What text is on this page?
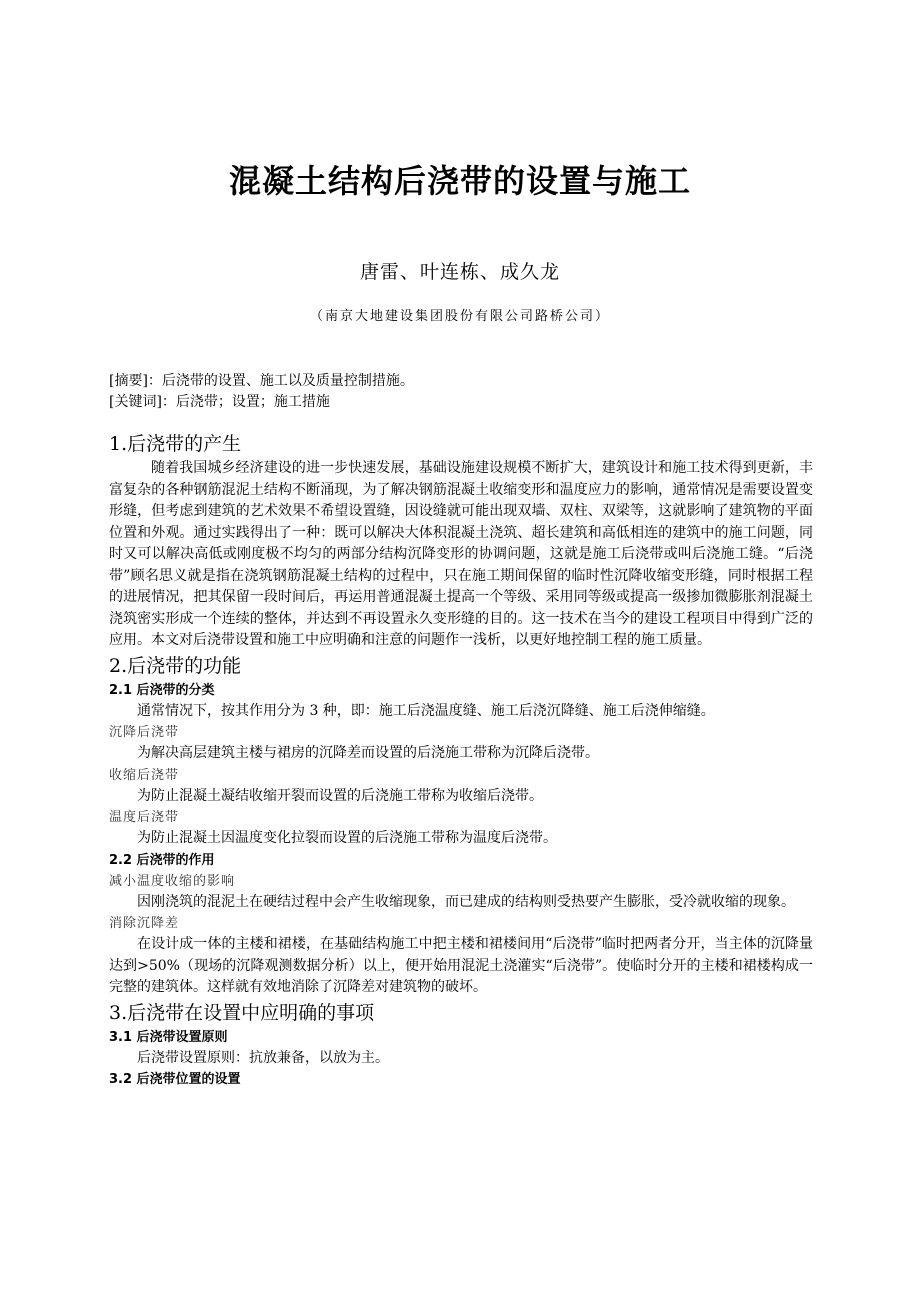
混凝土结构后浇带的设置与施工
唐雷、叶连栋、成久龙
（南京大地建设集团股份有限公司路桥公司）
[摘要]：后浇带的设置、施工以及质量控制措施。
[关键词]：后浇带；设置；施工措施
1.后浇带的产生

随着我国城乡经济建设的进一步快速发展，基础设施建设规模不断扩大，建筑设计和施工技术得到更新，丰富复杂的各种钢筋混泥土结构不断涌现，为了解决钢筋混凝土收缩变形和温度应力的影响，通常情况是需要设置变形缝，但考虑到建筑的艺术效果不希望设置缝，因设缝就可能出现双墙、双柱、双梁等，这就影响了建筑物的平面位置和外观。通过实践得出了一种：既可以解决大体积混凝土浇筑、超长建筑和高低相连的建筑中的施工问题，同时又可以解决高低或刚度极不均匀的两部分结构沉降变形的协调问题，这就是施工后浇带或叫后浇施工缝。“后浇带”顾名思义就是指在浇筑钢筋混凝土结构的过程中，只在施工期间保留的临时性沉降收缩变形缝，同时根据工程的进展情况，把其保留一段时间后，再运用普通混凝土提高一个等级、采用同等级或提高一级掺加微膨胀剂混凝土浇筑密实形成一个连续的整体，并达到不再设置永久变形缝的目的。这一技术在当今的建设工程项目中得到广泛的应用。本文对后浇带设置和施工中应明确和注意的问题作一浅析，以更好地控制工程的施工质量。

2.后浇带的功能
2.1 后浇带的分类

通常情况下，按其作用分为 3 种，即：施工后浇温度缝、施工后浇沉降缝、施工后浇伸缩缝。

沉降后浇带

为解决高层建筑主楼与裙房的沉降差而设置的后浇施工带称为沉降后浇带。

收缩后浇带

为防止混凝土凝结收缩开裂而设置的后浇施工带称为收缩后浇带。

温度后浇带

为防止混凝土因温度变化拉裂而设置的后浇施工带称为温度后浇带。

2.2 后浇带的作用
减小温度收缩的影响

因刚浇筑的混泥土在硬结过程中会产生收缩现象，而已建成的结构则受热要产生膨胀，受冷就收缩的现象。

消除沉降差

在设计成一体的主楼和裙楼，在基础结构施工中把主楼和裙楼间用“后浇带”临时把两者分开，当主体的沉降量达到>50%（现场的沉降观测数据分析）以上，便开始用混泥土浇灌实“后浇带”。使临时分开的主楼和裙楼构成一完整的建筑体。这样就有效地消除了沉降差对建筑物的破坏。

3.后浇带在设置中应明确的事项
3.1 后浇带设置原则

后浇带设置原则：抗放兼备，以放为主。

3.2 后浇带位置的设置
